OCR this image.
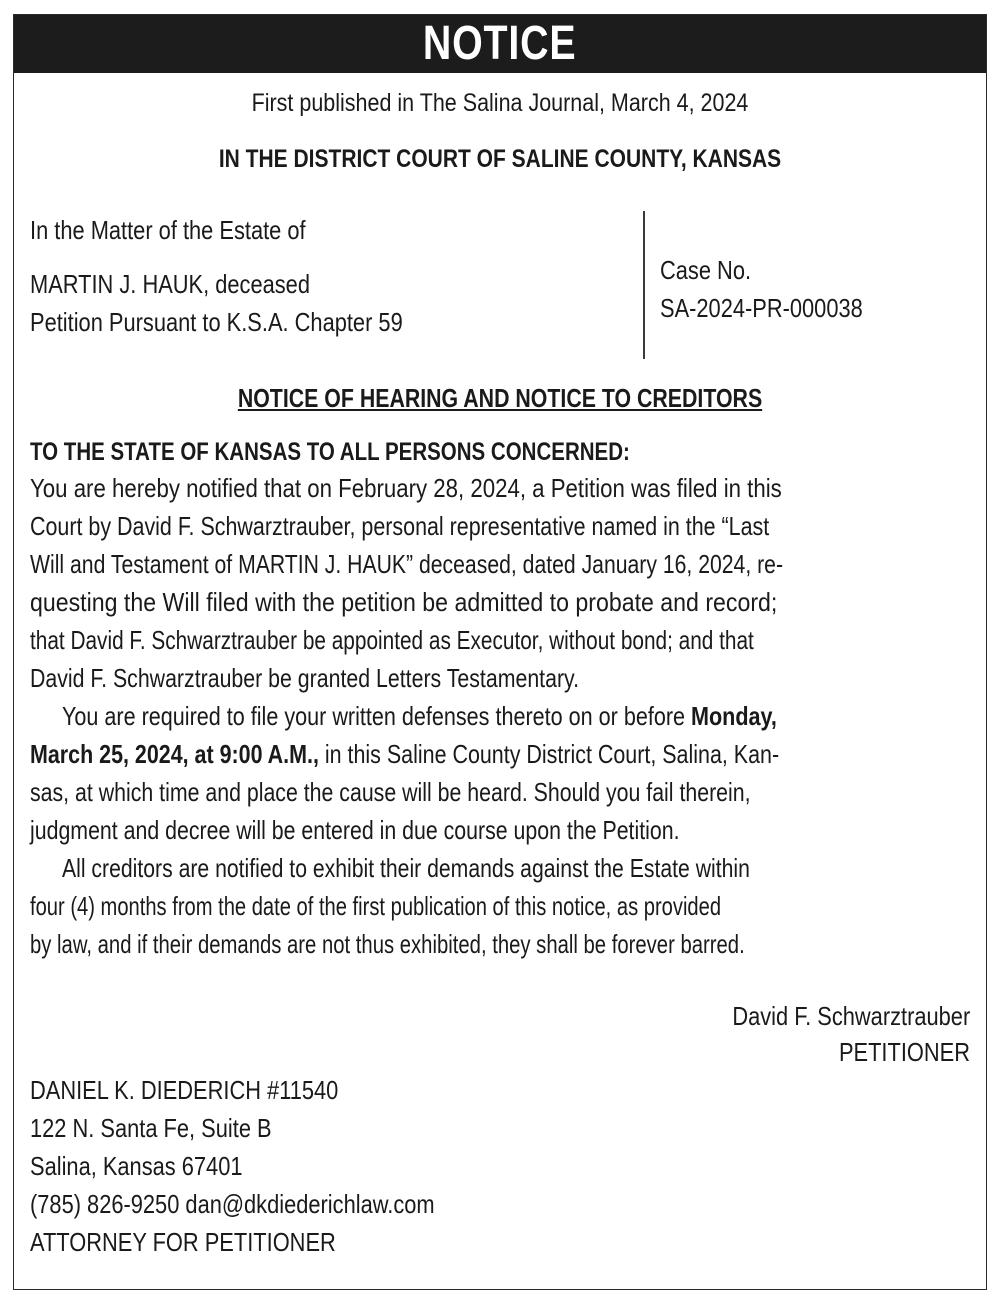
NOTICE
First published in The Salina Journal, March 4, 2024
IN THE DISTRICT COURT OF SALINE COUNTY, KANSAS
In the Matter of the Estate of
MARTIN J. HAUK, deceased
Petition Pursuant to K.S.A. Chapter 59
Case No.
SA-2024-PR-000038
NOTICE OF HEARING AND NOTICE TO CREDITORS
TO THE STATE OF KANSAS TO ALL PERSONS CONCERNED:
You are hereby notified that on February 28, 2024, a Petition was filed in this
Court by David F. Schwarztrauber, personal representative named in the “Last
Will and Testament of MARTIN J. HAUK” deceased, dated January 16, 2024, re-
questing the Will filed with the petition be admitted to probate and record;
that David F. Schwarztrauber be appointed as Executor, without bond; and that
David F. Schwarztrauber be granted Letters Testamentary.
You are required to file your written defenses thereto on or before Monday,
March 25, 2024, at 9:00 A.M., in this Saline County District Court, Salina, Kan-
sas, at which time and place the cause will be heard. Should you fail therein,
judgment and decree will be entered in due course upon the Petition.
All creditors are notified to exhibit their demands against the Estate within
four (4) months from the date of the first publication of this notice, as provided
by law, and if their demands are not thus exhibited, they shall be forever barred.
David F. Schwarztrauber
PETITIONER
DANIEL K. DIEDERICH #11540
122 N. Santa Fe, Suite B
Salina, Kansas 67401
(785) 826-9250 dan@dkdiederichlaw.com
ATTORNEY FOR PETITIONER
